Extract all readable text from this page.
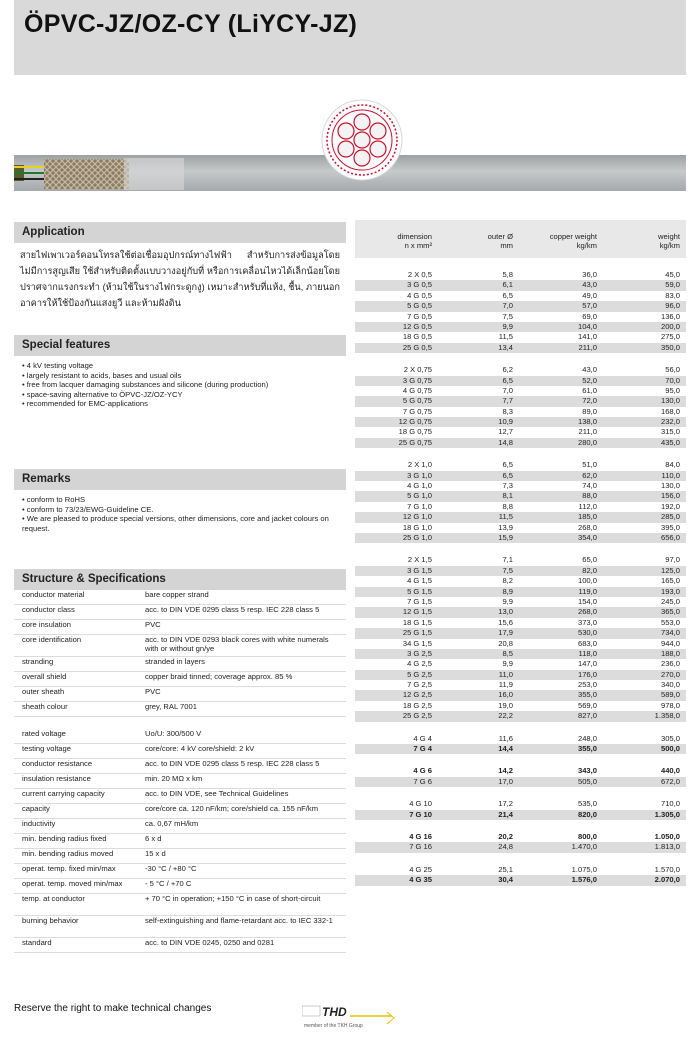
ÖPVC-JZ/OZ-CY (LiYCY-JZ)
Application
สายไฟเพาเวอร์คอนโทรลใช้ต่อเชื่อมอุปกรณ์ทางไฟฟ้า สำหรับการส่งข้อมูลโดยไม่มีการสูญเสีย ใช้สำหรับติดตั้งแบบวางอยู่กับที่ หรือการเคลื่อนไหวได้เล็กน้อยโดยปราศจากแรงกระทำ (ห้ามใช้ในรางไฟกระดูกงู) เหมาะสำหรับที่แห้ง, ชื้น, ภายนอกอาคารให้ใช้ป้องกันแสงยูวี และห้ามฝังดิน
Special features
• 4 kV testing voltage
• largely resistant to acids, bases and usual oils
• free from lacquer damaging substances and silicone (during production)
• space-saving alternative to ÖPVC-JZ/OZ-YCY
• recommended for EMC-applications
Remarks
• conform to RoHS
• conform to 73/23/EWG-Guideline CE.
• We are pleased to produce special versions, other dimensions, core and jacket colours on request.
Structure & Specifications
conductor material	bare copper strand
conductor class	acc. to DIN VDE 0295 class 5 resp. IEC 228 class 5
core insulation	PVC
core identification	acc. to DIN VDE 0293 black cores with white numerals with or without gn/ye
stranding	stranded in layers
overall shield	copper braid tinned; coverage approx. 85 %
outer sheath	PVC
sheath colour	grey, RAL 7001

rated voltage	Uo/U: 300/500 V
testing voltage	core/core: 4 kV core/shield: 2 kV
conductor resistance	acc. to DIN VDE 0295 class 5 resp. IEC 228 class 5
insulation resistance	min. 20 MΩ x km
current carrying capacity	acc. to DIN VDE, see Technical Guidelines
capacity	core/core ca. 120 nF/km; core/shield ca. 155 nF/km
inductivity	ca. 0,67 mH/km
min. bending radius fixed	6 x d
min. bending radius moved	15 x d
operat. temp. fixed min/max	-30 °C / +80 °C
operat. temp. moved min/max	- 5 °C / +70 C
temp. at conductor	+ 70 °C in operation; +150 °C in case of short-circuit
burning behavior	self-extinguishing and flame-retardant acc. to IEC 332-1
standard	acc. to DIN VDE 0245, 0250 and 0281
dimension
n x mm²
outer Ø
mm
copper weight
kg/km
weight
kg/km
2 X 0,5	5,8	36,0	45,0
3 G 0,5	6,1	43,0	59,0
4 G 0,5	6,5	49,0	83,0
5 G 0,5	7,0	57,0	96,0
7 G 0,5	7,5	69,0	136,0
12 G 0,5	9,9	104,0	200,0
18 G 0,5	11,5	141,0	275,0
25 G 0,5	13,4	211,0	350,0
2 X 0,75	6,2	43,0	56,0
3 G 0,75	6,5	52,0	70,0
4 G 0,75	7,0	61,0	95,0
5 G 0,75	7,7	72,0	130,0
7 G 0,75	8,3	89,0	168,0
12 G 0,75	10,9	138,0	232,0
18 G 0,75	12,7	211,0	315,0
25 G 0,75	14,8	280,0	435,0
2 X 1,0	6,5	51,0	84,0
3 G 1,0	6,5	62,0	110,0
4 G 1,0	7,3	74,0	130,0
5 G 1,0	8,1	88,0	156,0
7 G 1,0	8,8	112,0	192,0
12 G 1,0	11,5	185,0	285,0
18 G 1,0	13,9	268,0	395,0
25 G 1,0	15,9	354,0	656,0
2 X 1,5	7,1	65,0	97,0
3 G 1,5	7,5	82,0	125,0
4 G 1,5	8,2	100,0	165,0
5 G 1,5	8,9	119,0	193,0
7 G 1,5	9,9	154,0	245,0
12 G 1,5	13,0	268,0	365,0
18 G 1,5	15,6	373,0	553,0
25 G 1,5	17,9	530,0	734,0
34 G 1,5	20,8	683,0	944,0
3 G 2,5	8,5	118,0	188,0
4 G 2,5	9,9	147,0	236,0
5 G 2,5	11,0	176,0	270,0
7 G 2,5	11,9	253,0	340,0
12 G 2,5	16,0	355,0	589,0
18 G 2,5	19,0	569,0	978,0
25 G 2,5	22,2	827,0	1.358,0
4 G 4	11,6	248,0	305,0
7 G 4	14,4	355,0	500,0
4 G 6	14,2	343,0	440,0
7 G 6	17,0	505,0	672,0
4 G 10	17,2	535,0	710,0
7 G 10	21,4	820,0	1.305,0
4 G 16	20,2	800,0	1.050,0
7 G 16	24,8	1.470,0	1.813,0
4 G 25	25,1	1.075,0	1.570,0
4 G 35	30,4	1.576,0	2.070,0
Reserve the right to make technical changes	THD
member of the TKH Group
